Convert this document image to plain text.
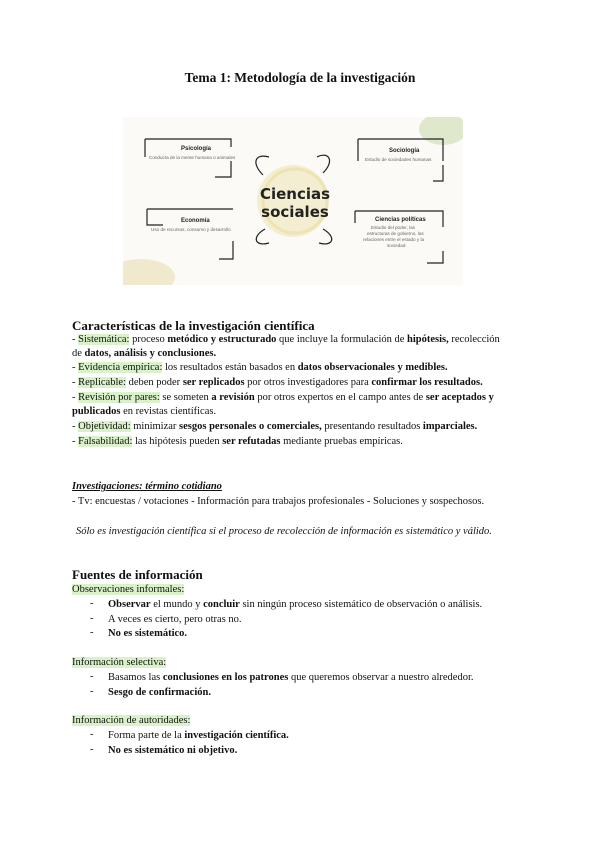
Tema 1: Metodología de la investigación
Psicología
Conducta de la mente humana o animales
Sociología
Estudio de sociedades humanas
Economía
Uso de recursos, consumo y desarrollo
Ciencias políticas
Estudio del poder, las
estructuras de gobierno, las
relaciones entre el estado y la
sociedad
Ciencias
sociales
Características de la investigación científica
- Sistemática: proceso metódico y estructurado que incluye la formulación de hipótesis, recolección
de datos, análisis y conclusiones.
- Evidencia empírica: los resultados están basados en datos observacionales y medibles.
- Replicable: deben poder ser replicados por otros investigadores para confirmar los resultados.
- Revisión por pares: se someten a revisión por otros expertos en el campo antes de ser aceptados y
publicados en revistas científicas.
- Objetividad: minimizar sesgos personales o comerciales, presentando resultados imparciales.
- Falsabilidad: las hipótesis pueden ser refutadas mediante pruebas empíricas.
Investigaciones: término cotidiano
- Tv: encuestas / votaciones - Información para trabajos profesionales - Soluciones y sospechosos.
Sólo es investigación científica si el proceso de recolección de información es sistemático y válido.
Fuentes de información
Observaciones informales:
- Observar el mundo y concluir sin ningún proceso sistemático de observación o análisis.
- A veces es cierto, pero otras no.
- No es sistemático.
Información selectiva:
- Basamos las conclusiones en los patrones que queremos observar a nuestro alrededor.
- Sesgo de confirmación.
Información de autoridades:
- Forma parte de la investigación científica.
- No es sistemático ni objetivo.
